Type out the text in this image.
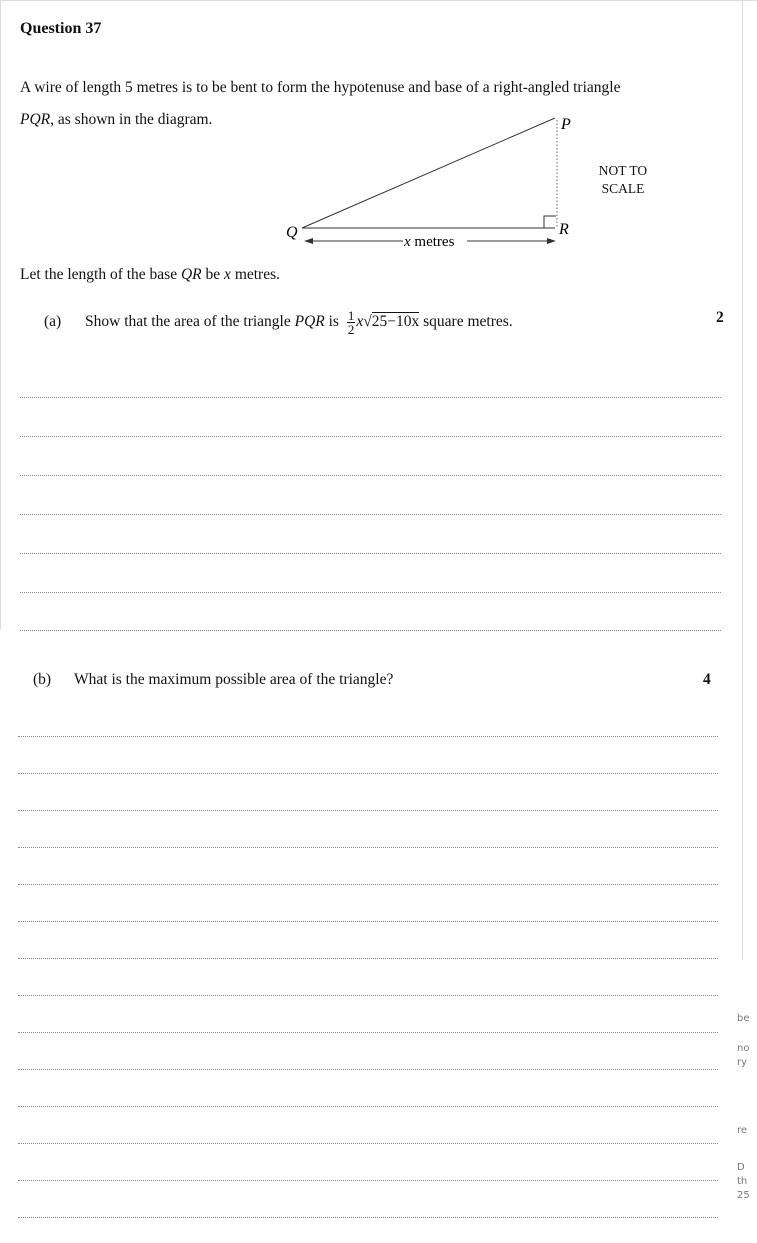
Question 37
A wire of length 5 metres is to be bent to form the hypotenuse and base of a right-angled triangle
PQR, as shown in the diagram.	P
Q	R
x metres
NOT TO
SCALE
Let the length of the base QR be x metres.
(a) Show that the area of the triangle PQR is $\frac{1}{2} x√25-10x$ square metres.	2
(b) What is the maximum possible area of the triangle?	4
be
no
ry
re
D
th
25
